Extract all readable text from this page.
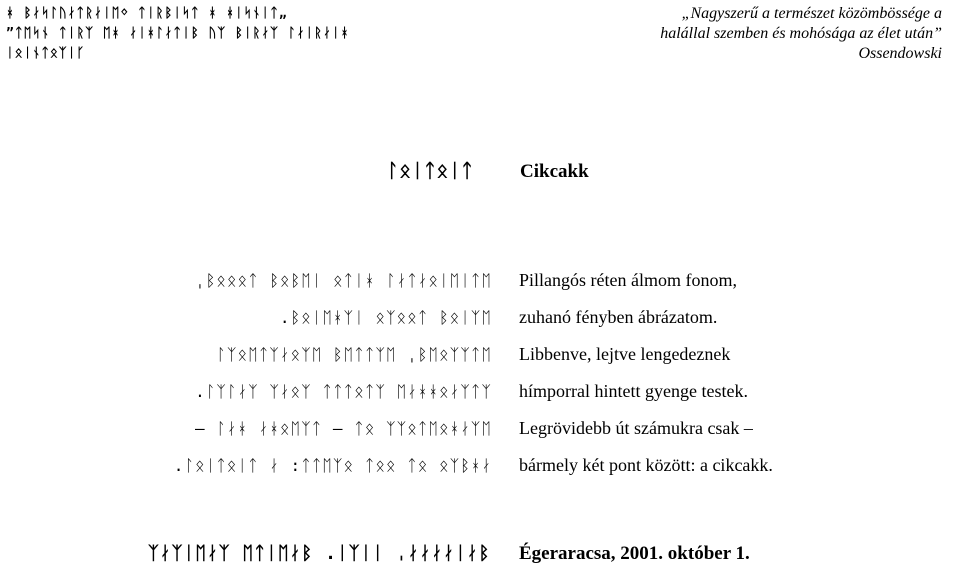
ᚼ ᛒᛅᛋᛚᚢᛅᛏᚱᛅᛁᛖᛜ ᛏᛁᚱᛒᛁᛋᛏ ᚼ ᚼᛁᛋᚾᛁᛏ„
”ᛏᛖᛋᚾ ᛏᛁᚱᛉ ᛖᚼ ᛅᛁᚼᛚᛅᛏᛁᛒ ᚢᛉ ᛒᛁᚱᛅᛉ ᛚᛅᛁᚱᛅᛁᚼ
ᛁᛟᛁᚾᛏᛟᛉᛁᚴ
„Nagyszerű a természet közömbössége a
halállal szemben és mohósága az élet után”
Ossendowski
ᛚᛟᛁᛏᛟᛁᛏ Cikcakk
ˌᛒᛟᛟᛟᛏ ᛒᛟᛒᛖᛁ ᛟᛏᛁᚼ ᛚᛅᛏᛅᛟᛁᛖᛁᛏᛖ
.ᛒᛟᛁᛖᚼᛉᛁ ᛟᛉᛟᛟᛏ ᛒᛟᛁᛉᛖ
ᛚᛉᛟᛖᛏᛉᛅᛟᛉᛖ ᛒᛖᛏᛏᛉᛖ ˌᛒᛖᛟᛉᛉᛏᛖ
.ᛚᛉᛚᛅᛉ ᛉᛅᛟᛉ ᛏᛏᛏᛟᛏᛉ ᛖᛅᚼᚼᛟᛅᛉᛏᛉ
– ᛚᛅᚼ ᛅᚼᛟᛖᛉᛏ – ᛏᛟ ᛉᛉᛟᛏᛖᛟᚼᛅᛉᛖ
.ᛚᛟᛁᛏᛟᛁᛏ ᛅ :ᛏᛏᛖᛉᛟ ᛏᛟᛟ ᛏᛟ ᛟᛉᛒᚼᛅ
Pillangós réten álmom fonom,
zuhanó fényben ábrázatom.
Libbenve, lejtve lengedeznek
hímporral hintett gyenge testek.
Legrövidebb út számukra csak –
bármely két pont között: a cikcakk.
ᛉᛅᛉᛁᛖᛅᛉ ᛖᛏᛁᛖᛅᛒ .ᛁᛉᛁᛁ ˌᛅᛅᛅᛅᛁᛅᛒ Égeraracsa, 2001. október 1.
